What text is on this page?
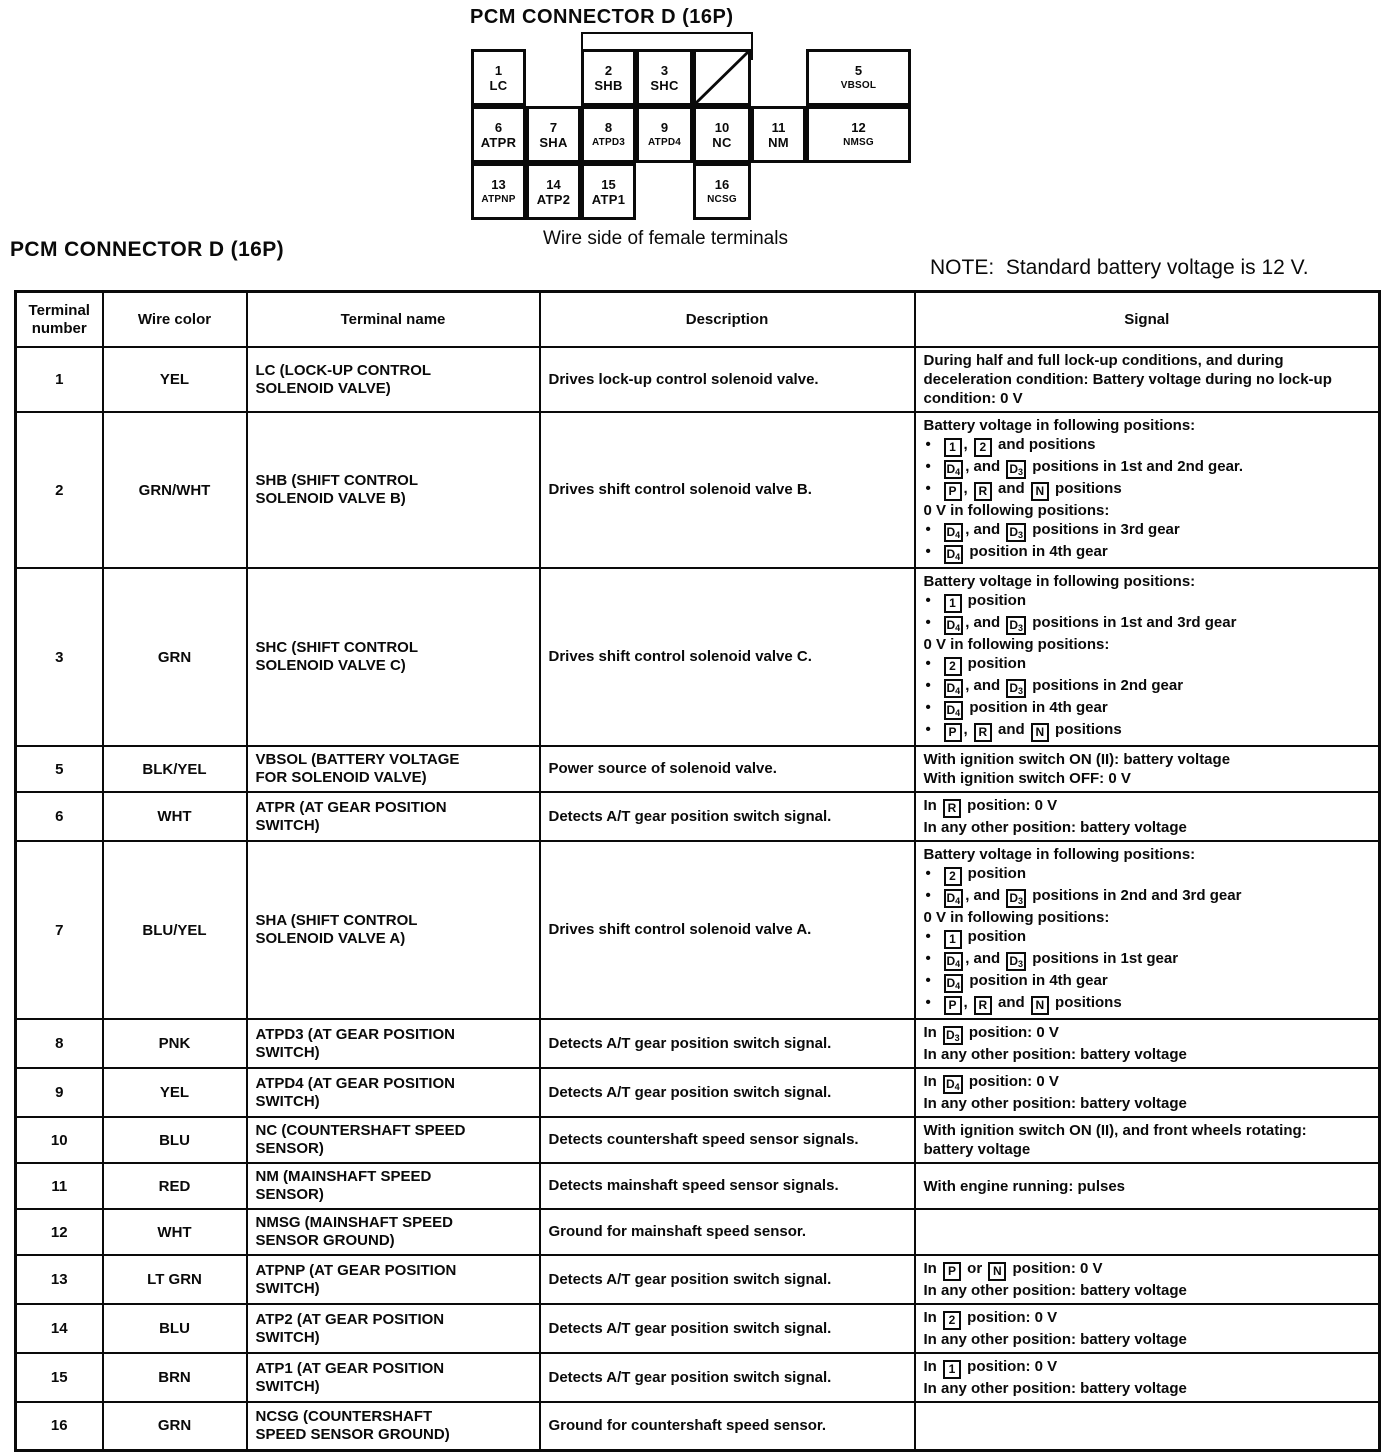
PCM CONNECTOR D (16P)
1
LC
2
SHB
3
SHC
5
VBSOL
6
ATPR
7
SHA
8
ATPD3
9
ATPD4
10
NC
11
NM
12
NMSG
13
ATPNP
14
ATP2
15
ATP1
16
NCSG
Wire side of female terminals
PCM CONNECTOR D (16P)
NOTE:  Standard battery voltage is 12 V.
Terminal number	Wire color	Terminal name	Description	Signal
1	YEL	LC (LOCK-UP CONTROL SOLENOID VALVE)	Drives lock-up control solenoid valve.	During half and full lock-up conditions, and during deceleration condition: Battery voltage during no lock-up condition: 0 V

2	GRN/WHT	SHB (SHIFT CONTROL SOLENOID VALVE B)	Drives shift control solenoid valve B.	
Battery voltage in following positions:
•	1 , 2 and positions
•	$D_4$ , and $D_3$ positions in 1st and 2nd gear.
•	P , R and N positions
0 V in following positions:
•	$D_4$ , and $D_3$ positions in 3rd gear
•	$D_4$ position in 4th gear

3	GRN	SHC (SHIFT CONTROL SOLENOID VALVE C)	Drives shift control solenoid valve C.	
Battery voltage in following positions:
•	1 position
•	$D_4$ , and $D_3$ positions in 1st and 3rd gear
0 V in following positions:
•	2 position
•	$D_4$ , and $D_3$ positions in 2nd gear
•	$D_4$ position in 4th gear
•	P , R and N positions

5	BLK/YEL	VBSOL (BATTERY VOLTAGE FOR SOLENOID VALVE)	Power source of solenoid valve.	With ignition switch ON (II): battery voltage
With ignition switch OFF: 0 V

6	WHT	ATPR (AT GEAR POSITION SWITCH)	Detects A/T gear position switch signal.	In R position: 0 V
In any other position: battery voltage

7	BLU/YEL	SHA (SHIFT CONTROL SOLENOID VALVE A)	Drives shift control solenoid valve A.	
Battery voltage in following positions:
•	2 position
•	$D_4$ , and $D_3$ positions in 2nd and 3rd gear
0 V in following positions:
•	1 position
•	$D_4$ , and $D_3$ positions in 1st gear
•	$D_4$ position in 4th gear
•	P , R and N positions

8	PNK	ATPD3 (AT GEAR POSITION SWITCH)	Detects A/T gear position switch signal.	In $D_3$ position: 0 V
In any other position: battery voltage

9	YEL	ATPD4 (AT GEAR POSITION SWITCH)	Detects A/T gear position switch signal.	In $D_4$ position: 0 V
In any other position: battery voltage

10	BLU	NC (COUNTERSHAFT SPEED SENSOR)	Detects countershaft speed sensor signals.	With ignition switch ON (II), and front wheels rotating: battery voltage

11	RED	NM (MAINSHAFT SPEED SENSOR)	Detects mainshaft speed sensor signals.	With engine running: pulses

12	WHT	NMSG (MAINSHAFT SPEED SENSOR GROUND)	Ground for mainshaft speed sensor.	
13	LT GRN	ATPNP (AT GEAR POSITION SWITCH)	Detects A/T gear position switch signal.	In P or N position: 0 V
In any other position: battery voltage

14	BLU	ATP2 (AT GEAR POSITION SWITCH)	Detects A/T gear position switch signal.	In 2 position: 0 V
In any other position: battery voltage

15	BRN	ATP1 (AT GEAR POSITION SWITCH)	Detects A/T gear position switch signal.	In 1 position: 0 V
In any other position: battery voltage

16	GRN	NCSG (COUNTERSHAFT SPEED SENSOR GROUND)	Ground for countershaft speed sensor.	
